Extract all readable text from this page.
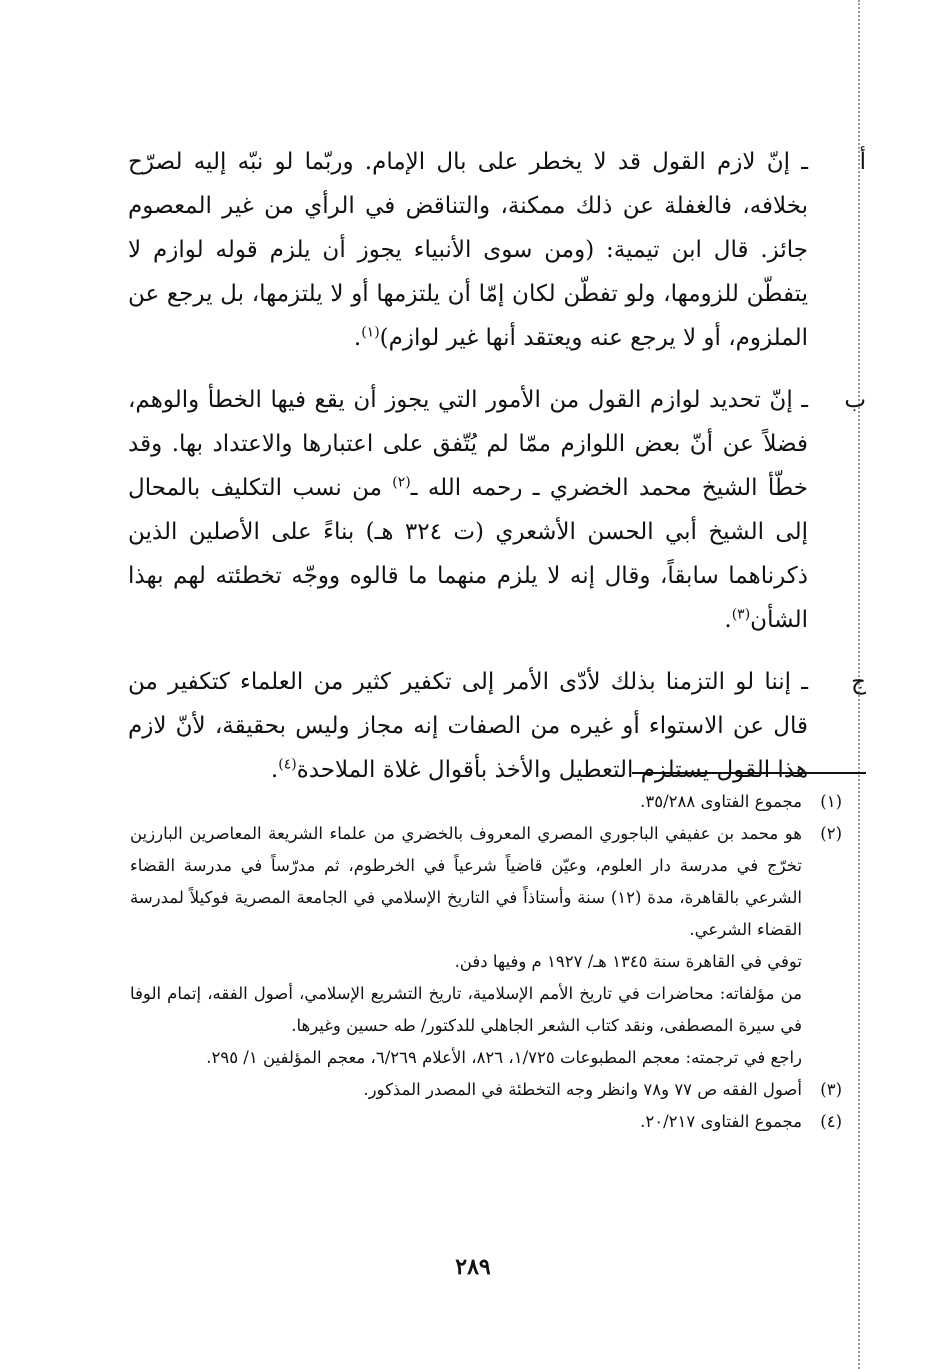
أ
ـ إنّ لازم القول قد لا يخطر على بال الإمام. وربّما لو نبّه إليه لصرّح بخلافه، فالغفلة عن ذلك ممكنة، والتناقض في الرأي من غير المعصوم جائز. قال ابن تيمية: (ومن سوى الأنبياء يجوز أن يلزم قوله لوازم لا يتفطّن للزومها، ولو تفطّن لكان إمّا أن يلتزمها أو لا يلتزمها، بل يرجع عن الملزوم، أو لا يرجع عنه ويعتقد أنها غير لوازم)$^{(١)}$.
ب
ـ إنّ تحديد لوازم القول من الأمور التي يجوز أن يقع فيها الخطأ والوهم، فضلاً عن أنّ بعض اللوازم ممّا لم يُتّفق على اعتبارها والاعتداد بها. وقد خطّأ الشيخ محمد الخضري ـ رحمه الله ـ$^{(٢)}$ من نسب التكليف بالمحال إلى الشيخ أبي الحسن الأشعري (ت ٣٢٤ هـ) بناءً على الأصلين الذين ذكرناهما سابقاً، وقال إنه لا يلزم منهما ما قالوه ووجّه تخطئته لهم بهذا الشأن$^{(٣)}$.
ج
ـ إننا لو التزمنا بذلك لأدّى الأمر إلى تكفير كثير من العلماء كتكفير من قال عن الاستواء أو غيره من الصفات إنه مجاز وليس بحقيقة، لأنّ لازم هذا القول يستلزم التعطيل والأخذ بأقوال غلاة الملاحدة$^{(٤)}$.
(١)

مجموع الفتاوى ٣٥/٢٨٨.

(٢)

هو محمد بن عفيفي الباجوري المصري المعروف بالخضري من علماء الشريعة المعاصرين البارزين تخرّج في مدرسة دار العلوم، وعيّن قاضياً شرعياً في الخرطوم، ثم مدرّساً في مدرسة القضاء الشرعي بالقاهرة، مدة (١٢) سنة وأستاذاً في التاريخ الإسلامي في الجامعة المصرية فوكيلاً لمدرسة القضاء الشرعي.

توفي في القاهرة سنة ١٣٤٥ هـ/ ١٩٢٧ م وفيها دفن.

من مؤلفاته: محاضرات في تاريخ الأمم الإسلامية، تاريخ التشريع الإسلامي، أصول الفقه، إتمام الوفا في سيرة المصطفى، ونقد كتاب الشعر الجاهلي للدكتور/ طه حسين وغيرها.

راجع في ترجمته: معجم المطبوعات ١/٧٢٥، ٨٢٦، الأعلام ٦/٢٦٩، معجم المؤلفين ١/ ٢٩٥.

(٣)

أصول الفقه ص ٧٧ و٧٨ وانظر وجه التخطئة في المصدر المذكور.

(٤)

مجموع الفتاوى ٢٠/٢١٧.

٢٨٩
